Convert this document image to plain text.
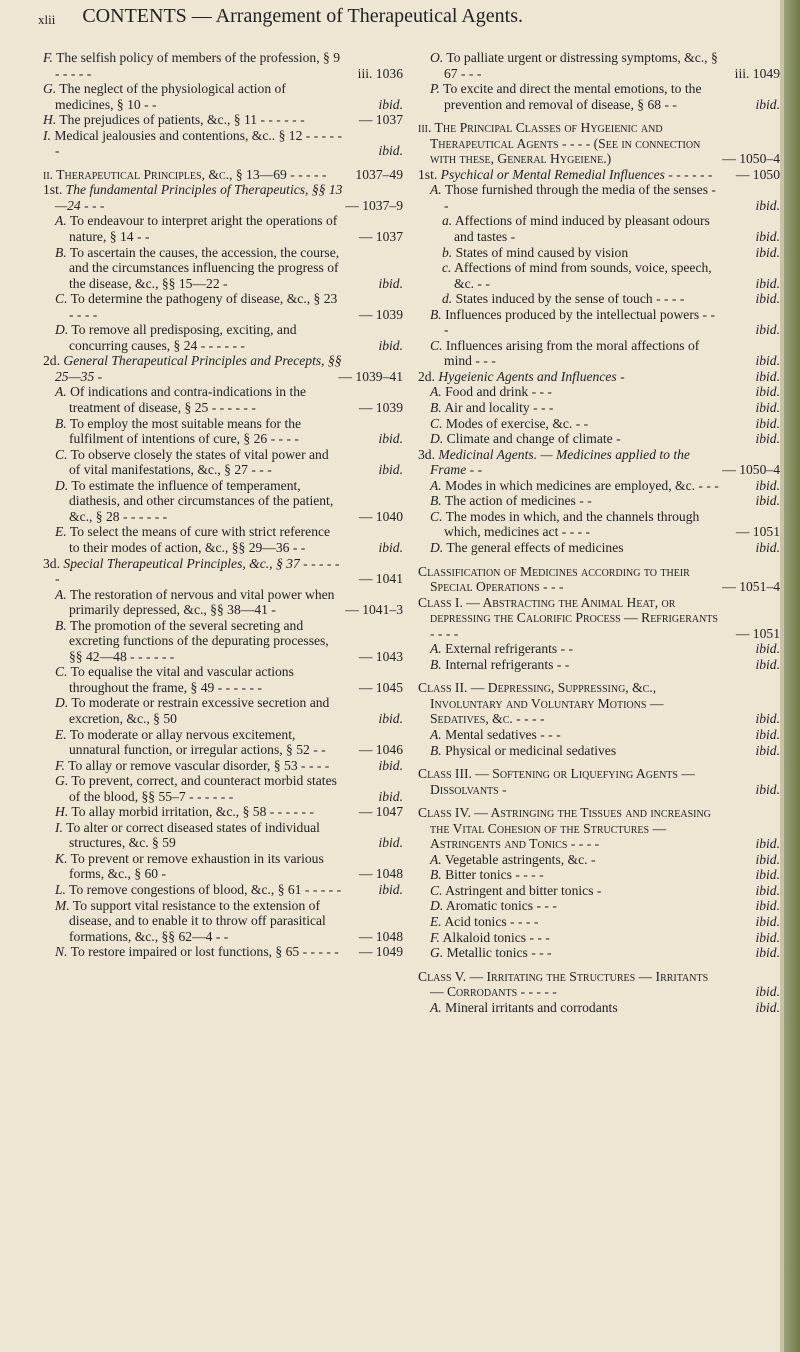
$^{xlii}$ CONTENTS — Arrangement of Therapeutical Agents.
F. The selfish policy of members of the profession, § 9 - - - - -	iii. 1036
G. The neglect of the physiological action of medicines, § 10 - -	ibid.
H. The prejudices of patients, &c., § 11 - - - - - -	— 1037
I. Medical jealousies and contentions, &c.. § 12 - - - - - -	ibid.
ii. Therapeutical Principles, &c., § 13—69 - - - - - 1037–49
1st. The fundamental Principles of Therapeutics, §§ 13—24 - - -	— 1037–9
A. To endeavour to interpret aright the operations of nature, § 14 - -	— 1037
B. To ascertain the causes, the accession, the course, and the circumstances influencing the progress of the disease, &c., §§ 15—22 -	ibid.
C. To determine the pathogeny of disease, &c., § 23 - - - -	— 1039
D. To remove all predisposing, exciting, and concurring causes, § 24 - - - - - -	ibid.
2d. General Therapeutical Principles and Precepts, §§ 25—35 -	— 1039–41
A. Of indications and contra-indications in the treatment of disease, § 25 - - - - - -	— 1039
B. To employ the most suitable means for the fulfilment of intentions of cure, § 26 - - - -	ibid.
C. To observe closely the states of vital power and of vital manifestations, &c., § 27 - - -	ibid.
D. To estimate the influence of temperament, diathesis, and other circumstances of the patient, &c., § 28 - - - - - -	— 1040
E. To select the means of cure with strict reference to their modes of action, &c., §§ 29—36 - -	ibid.
3d. Special Therapeutical Principles, &c., § 37 - - - - - -	— 1041
A. The restoration of nervous and vital power when primarily depressed, &c., §§ 38—41 -	— 1041–3
B. The promotion of the several secreting and excreting functions of the depurating processes, §§ 42—48 - - - - - -	— 1043
C. To equalise the vital and vascular actions throughout the frame, § 49 - - - - - -	— 1045
D. To moderate or restrain excessive secretion and excretion, &c., § 50	ibid.
E. To moderate or allay nervous excitement, unnatural function, or irregular actions, § 52 - - — 1046
F. To allay or remove vascular disorder, § 53 - - - -	ibid.
G. To prevent, correct, and counteract morbid states of the blood, §§ 55–7 - - - - - -	ibid.
H. To allay morbid irritation, &c., § 58 - - - - - -	— 1047
I. To alter or correct diseased states of individual structures, &c. § 59	ibid.
K. To prevent or remove exhaustion in its various forms, &c., § 60 -	— 1048
L. To remove congestions of blood, &c., § 61 - - - - -	ibid.
M. To support vital resistance to the extension of disease, and to enable it to throw off parasitical formations, &c., §§ 62—4 - -	— 1048
N. To restore impaired or lost functions, § 65 - - - - - — 1049
O. To palliate urgent or distressing symptoms, &c., § 67 - - -	iii. 1049
P. To excite and direct the mental emotions, to the prevention and removal of disease, § 68 - -	ibid.
iii. The Principal Classes of Hygeienic and Therapeutical Agents - - - - (See in connection with these, General Hygeiene.)	— 1050–4
1st. Psychical or Mental Remedial Influences - - - - - - — 1050
A. Those furnished through the media of the senses - -	ibid.
a. Affections of mind induced by pleasant odours and tastes -	ibid.
b. States of mind caused by vision	ibid.
c. Affections of mind from sounds, voice, speech, &c. - -	ibid.
d. States induced by the sense of touch - - - -	ibid.
B. Influences produced by the intellectual powers - - -	ibid.
C. Influences arising from the moral affections of mind - - -	ibid.
2d. Hygeienic Agents and Influences -	ibid.
A. Food and drink - - -	ibid.
B. Air and locality - - -	ibid.
C. Modes of exercise, &c. - -	ibid.
D. Climate and change of climate -	ibid.
3d. Medicinal Agents. — Medicines applied to the Frame - -	— 1050–4
A. Modes in which medicines are employed, &c. - - -	ibid.
B. The action of medicines - -	ibid.
C. The modes in which, and the channels through which, medicines act - - - -	— 1051
D. The general effects of medicines	ibid.
Classification of Medicines according to their Special Operations - - -	— 1051–4
Class I. — Abstracting the Animal Heat, or depressing the Calorific Process — Refrigerants - - - -	— 1051
A. External refrigerants - -	ibid.
B. Internal refrigerants - -	ibid.
Class II. — Depressing, Suppressing, &c., Involuntary and Voluntary Motions — Sedatives, &c. - - - -	ibid.
A. Mental sedatives - - -	ibid.
B. Physical or medicinal sedatives	ibid.
Class III. — Softening or Liquefying Agents — Dissolvants -	ibid.
Class IV. — Astringing the Tissues and increasing the Vital Cohesion of the Structures — Astringents and Tonics - - - -	ibid.
A. Vegetable astringents, &c. -	ibid.
B. Bitter tonics - - - -	ibid.
C. Astringent and bitter tonics -	ibid.
D. Aromatic tonics - - -	ibid.
E. Acid tonics - - - -	ibid.
F. Alkaloid tonics - - -	ibid.
G. Metallic tonics - - -	ibid.
Class V. — Irritating the Structures — Irritants — Corrodants - - - - -	ibid.
A. Mineral irritants and corrodants	ibid.
